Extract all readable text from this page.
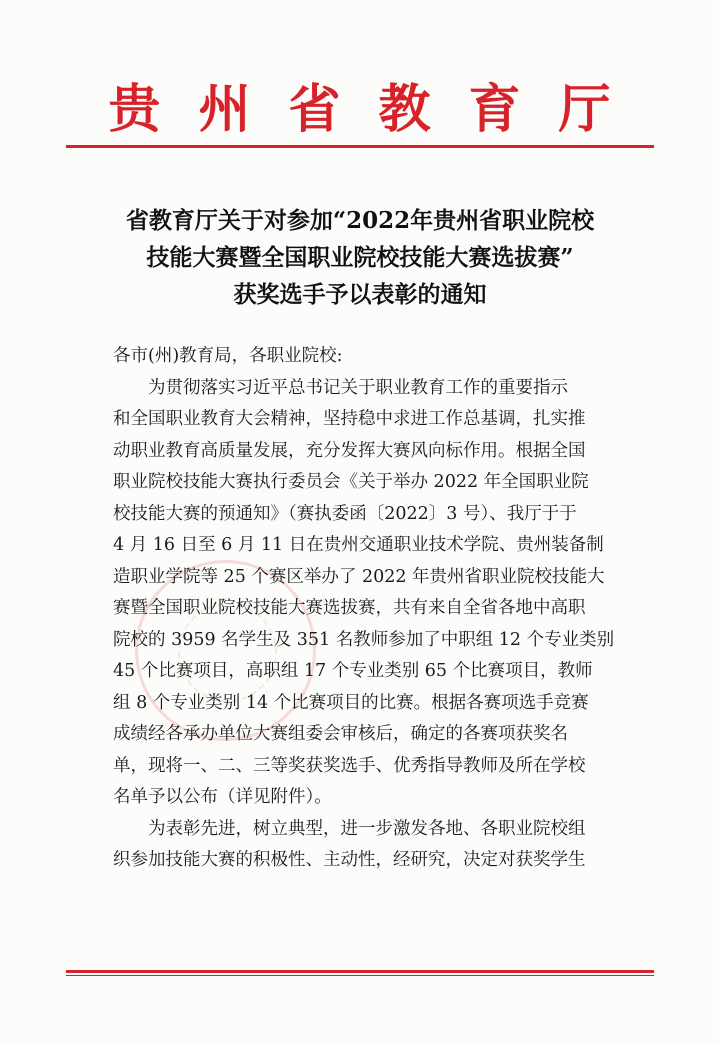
贵州省教育厅
省教育厅关于对参加“2022年贵州省职业院校
技能大赛暨全国职业院校技能大赛选拔赛”
获奖选手予以表彰的通知
各市(州)教育局，各职业院校:
为贯彻落实习近平总书记关于职业教育工作的重要指示
和全国职业教育大会精神，坚持稳中求进工作总基调，扎实推
动职业教育高质量发展，充分发挥大赛风向标作用。根据全国
职业院校技能大赛执行委员会《关于举办 2022 年全国职业院
校技能大赛的预通知》（赛执委函〔2022〕3 号）、我厅于于
4 月 16 日至 6 月 11 日在贵州交通职业技术学院、贵州装备制
造职业学院等 25 个赛区举办了 2022 年贵州省职业院校技能大
赛暨全国职业院校技能大赛选拔赛，共有来自全省各地中高职
院校的 3959 名学生及 351 名教师参加了中职组 12 个专业类别
45 个比赛项目，高职组 17 个专业类别 65 个比赛项目，教师
组 8 个专业类别 14 个比赛项目的比赛。根据各赛项选手竞赛
成绩经各承办单位大赛组委会审核后，确定的各赛项获奖名
单，现将一、二、三等奖获奖选手、优秀指导教师及所在学校
名单予以公布（详见附件）。
为表彰先进，树立典型，进一步激发各地、各职业院校组
织参加技能大赛的积极性、主动性，经研究，决定对获奖学生
